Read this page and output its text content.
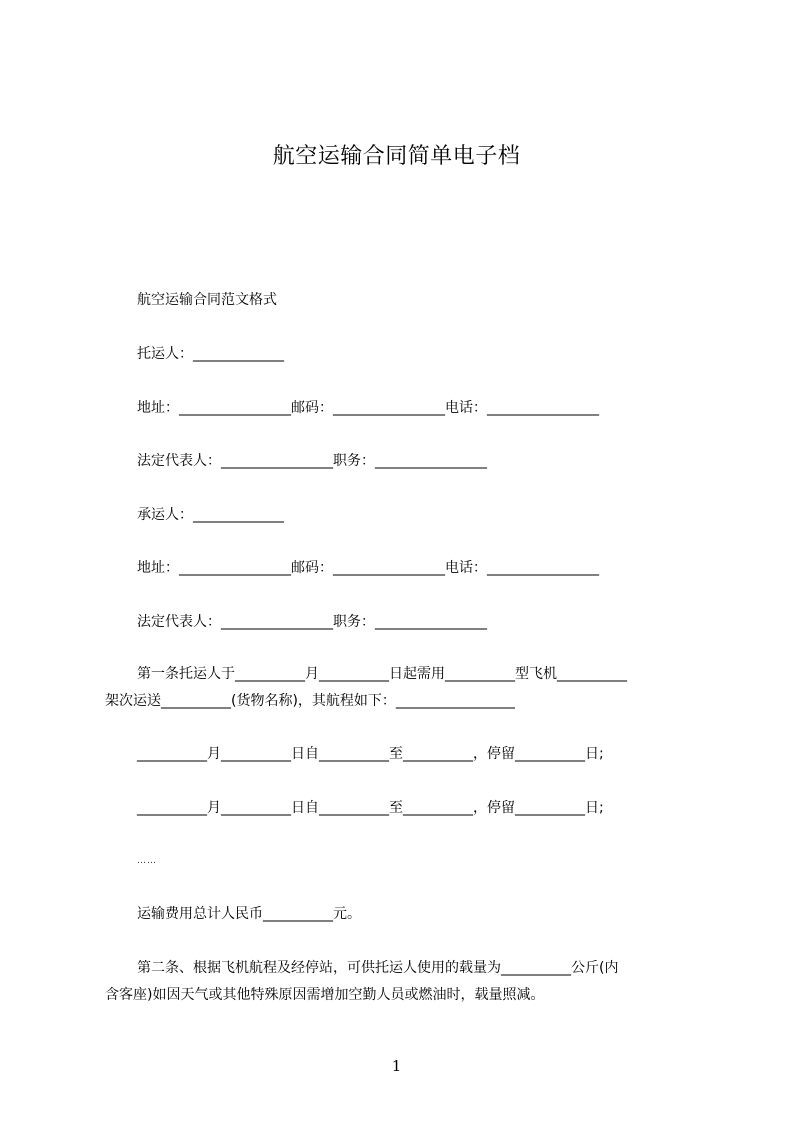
航空运输合同简单电子档
航空运输合同范文格式
托运人：_____________
地址：________________邮码：________________电话：________________
法定代表人：________________职务：________________
承运人：_____________
地址：________________邮码：________________电话：________________
法定代表人：________________职务：________________
第一条托运人于__________月__________日起需用__________型飞机__________
架次运送__________(货物名称)，其航程如下：_________________
__________月__________日自__________至__________，停留__________日;
__________月__________日自__________至__________，停留__________日;
……
运输费用总计人民币__________元。
第二条、根据飞机航程及经停站，可供托运人使用的载量为__________公斤(内
含客座)如因天气或其他特殊原因需增加空勤人员或燃油时，载量照减。
1
